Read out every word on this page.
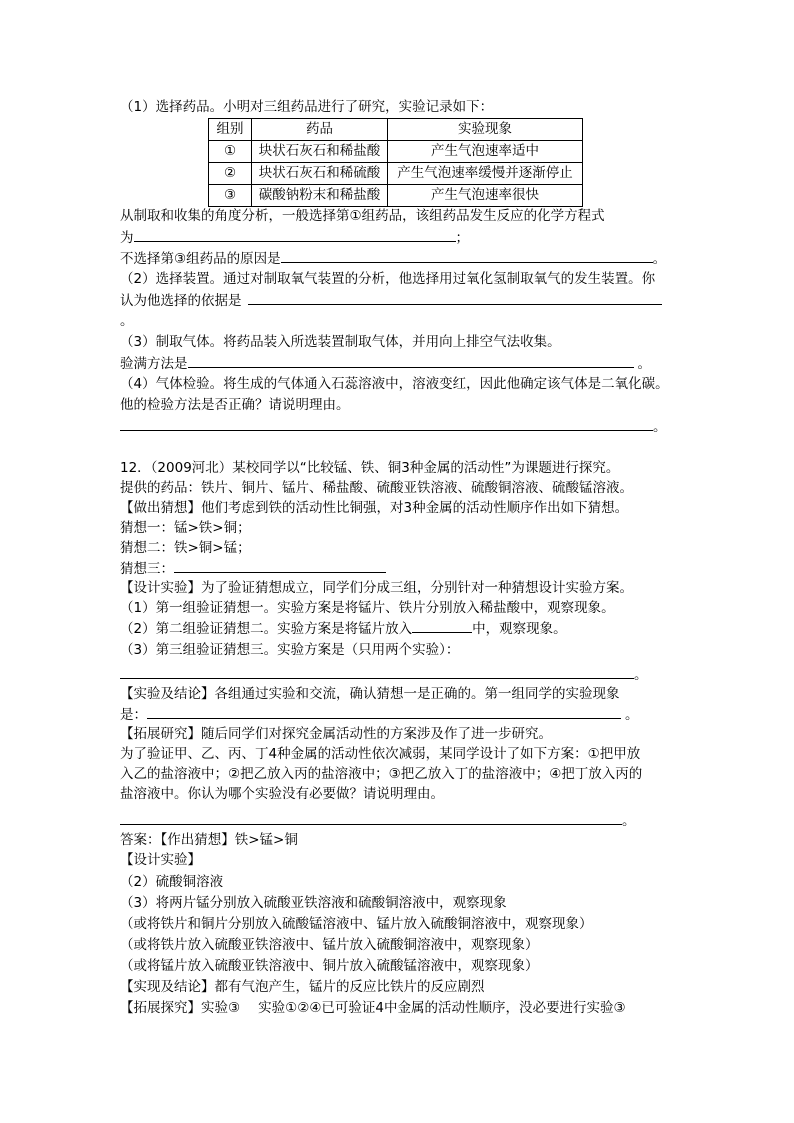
（1）选择药品。小明对三组药品进行了研究，实验记录如下：
组别	药品	实验现象
①	块状石灰石和稀盐酸	产生气泡速率适中
②	块状石灰石和稀硫酸	产生气泡速率缓慢并逐渐停止
③	碳酸钠粉末和稀盐酸	产生气泡速率很快
从制取和收集的角度分析，一般选择第①组药品，该组药品发生反应的化学方程式
为	；
不选择第③组药品的原因是	。
（2）选择装置。通过对制取氧气装置的分析，他选择用过氧化氢制取氧气的发生装置。你
认为他选择的依据是
。
（3）制取气体。将药品装入所选装置制取气体，并用向上排空气法收集。
验满方法是	。
（4）气体检验。将生成的气体通入石蕊溶液中，溶液变红，因此他确定该气体是二氧化碳。
他的检验方法是否正确？请说明理由。
。
12．（2009河北）某校同学以“比较锰、铁、铜3种金属的活动性”为课题进行探究。
提供的药品：铁片、铜片、锰片、稀盐酸、硫酸亚铁溶液、硫酸铜溶液、硫酸锰溶液。
【做出猜想】他们考虑到铁的活动性比铜强，对3种金属的活动性顺序作出如下猜想。
猜想一：锰>铁>铜；
猜想二：铁>铜>锰；
猜想三：
【设计实验】为了验证猜想成立，同学们分成三组，分别针对一种猜想设计实验方案。
（1）第一组验证猜想一。实验方案是将锰片、铁片分别放入稀盐酸中，观察现象。
（2）第二组验证猜想二。实验方案是将锰片放入	中，观察现象。
（3）第三组验证猜想三。实验方案是（只用两个实验）：
。
【实验及结论】各组通过实验和交流，确认猜想一是正确的。第一组同学的实验现象
是：	。
【拓展研究】随后同学们对探究金属活动性的方案涉及作了进一步研究。
为了验证甲、乙、丙、丁4种金属的活动性依次减弱，某同学设计了如下方案：①把甲放
入乙的盐溶液中；②把乙放入丙的盐溶液中；③把乙放入丁的盐溶液中；④把丁放入丙的
盐溶液中。你认为哪个实验没有必要做？请说明理由。
。
答案：【作出猜想】铁>锰>铜
【设计实验】
（2）硫酸铜溶液
（3）将两片锰分别放入硫酸亚铁溶液和硫酸铜溶液中，观察现象
（或将铁片和铜片分别放入硫酸锰溶液中、锰片放入硫酸铜溶液中，观察现象）
（或将铁片放入硫酸亚铁溶液中、锰片放入硫酸铜溶液中，观察现象）
（或将锰片放入硫酸亚铁溶液中、铜片放入硫酸锰溶液中，观察现象）
【实现及结论】都有气泡产生，锰片的反应比铁片的反应剧烈
【拓展探究】实验③ 实验①②④已可验证4中金属的活动性顺序，没必要进行实验③
